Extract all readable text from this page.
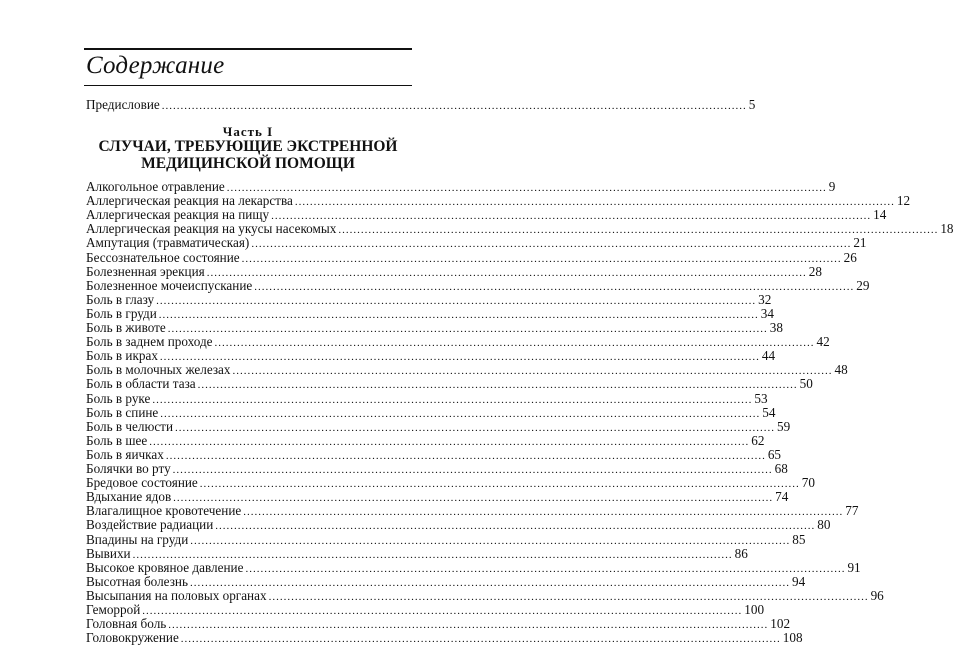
Содержание
Предисловие ............................................................................................................................................................ 5
Часть I
СЛУЧАИ, ТРЕБУЮЩИЕ ЭКСТРЕННОЙ
МЕДИЦИНСКОЙ ПОМОЩИ
Алкогольное отравление ................................................................................................................................................................ 9
Аллергическая реакция на лекарства ................................................................................................................................................................ 12
Аллергическая реакция на пищу ................................................................................................................................................................ 14
Аллергическая реакция на укусы насекомых ................................................................................................................................................................ 18
Ампутация (травматическая) ................................................................................................................................................................ 21
Бессознательное состояние ................................................................................................................................................................ 26
Болезненная эрекция ................................................................................................................................................................ 28
Болезненное мочеиспускание ................................................................................................................................................................ 29
Боль в глазу ................................................................................................................................................................ 32
Боль в груди ................................................................................................................................................................ 34
Боль в животе ................................................................................................................................................................ 38
Боль в заднем проходе ................................................................................................................................................................ 42
Боль в икрах ................................................................................................................................................................ 44
Боль в молочных железах ................................................................................................................................................................ 48
Боль в области таза ................................................................................................................................................................ 50
Боль в руке ................................................................................................................................................................ 53
Боль в спине ................................................................................................................................................................ 54
Боль в челюсти ................................................................................................................................................................ 59
Боль в шее ................................................................................................................................................................ 62
Боль в яичках ................................................................................................................................................................ 65
Болячки во рту ................................................................................................................................................................ 68
Бредовое состояние ................................................................................................................................................................ 70
Вдыхание ядов ................................................................................................................................................................ 74
Влагалищное кровотечение ................................................................................................................................................................ 77
Воздействие радиации ................................................................................................................................................................ 80
Впадины на груди ................................................................................................................................................................ 85
Вывихи ................................................................................................................................................................ 86
Высокое кровяное давление ................................................................................................................................................................ 91
Высотная болезнь ................................................................................................................................................................ 94
Высыпания на половых органах ................................................................................................................................................................ 96
Геморрой ................................................................................................................................................................ 100
Головная боль ................................................................................................................................................................ 102
Головокружение ................................................................................................................................................................ 108
